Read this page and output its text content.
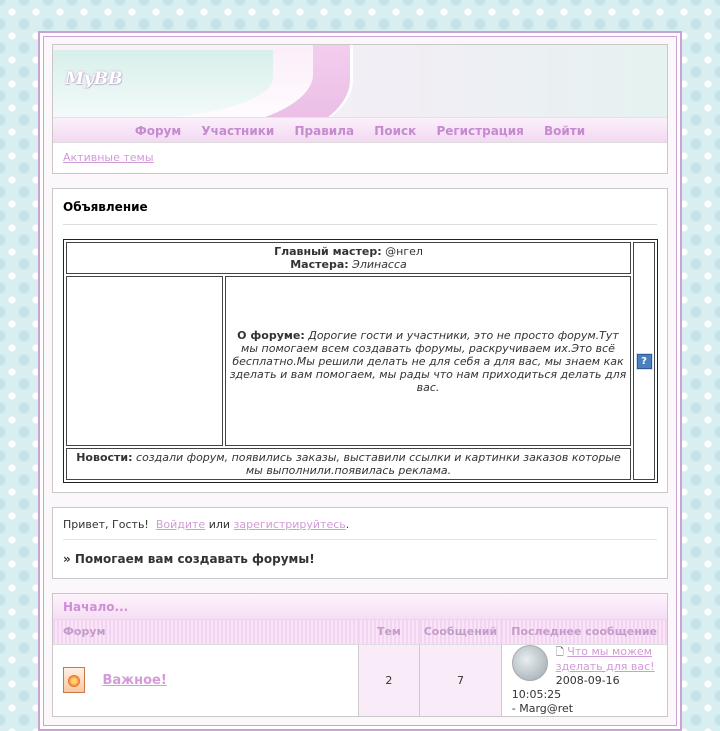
MyBB
Форум Участники Правила Поиск Регистрация Войти
Активные темы
Объявление
Главный мастер: @нгел
Мастера: Элинасса		?
	О форуме: Дорогие гости и участники, это не просто форум.Тут мы помогаем всем создавать форумы, раскручиваем их.Это всё бесплатно.Мы решили делать не для себя а для вас, мы знаем как зделать и вам помогаем, мы рады что нам приходиться делать для вас.	
Новости: создали форум, появились заказы, выставили ссылки и картинки заказов которые мы выполнили.появилась реклама.		
Привет, Гость! Войдите или зарегистрируйтесь.
» Помогаем вам создавать форумы!
Начало...
Форум	Тем	Сообщений	Последнее сообщение
Важное!	2	7	🗋 Что мы можем зделать для вас!
2008-09-16 10:05:25
- Marg@ret
